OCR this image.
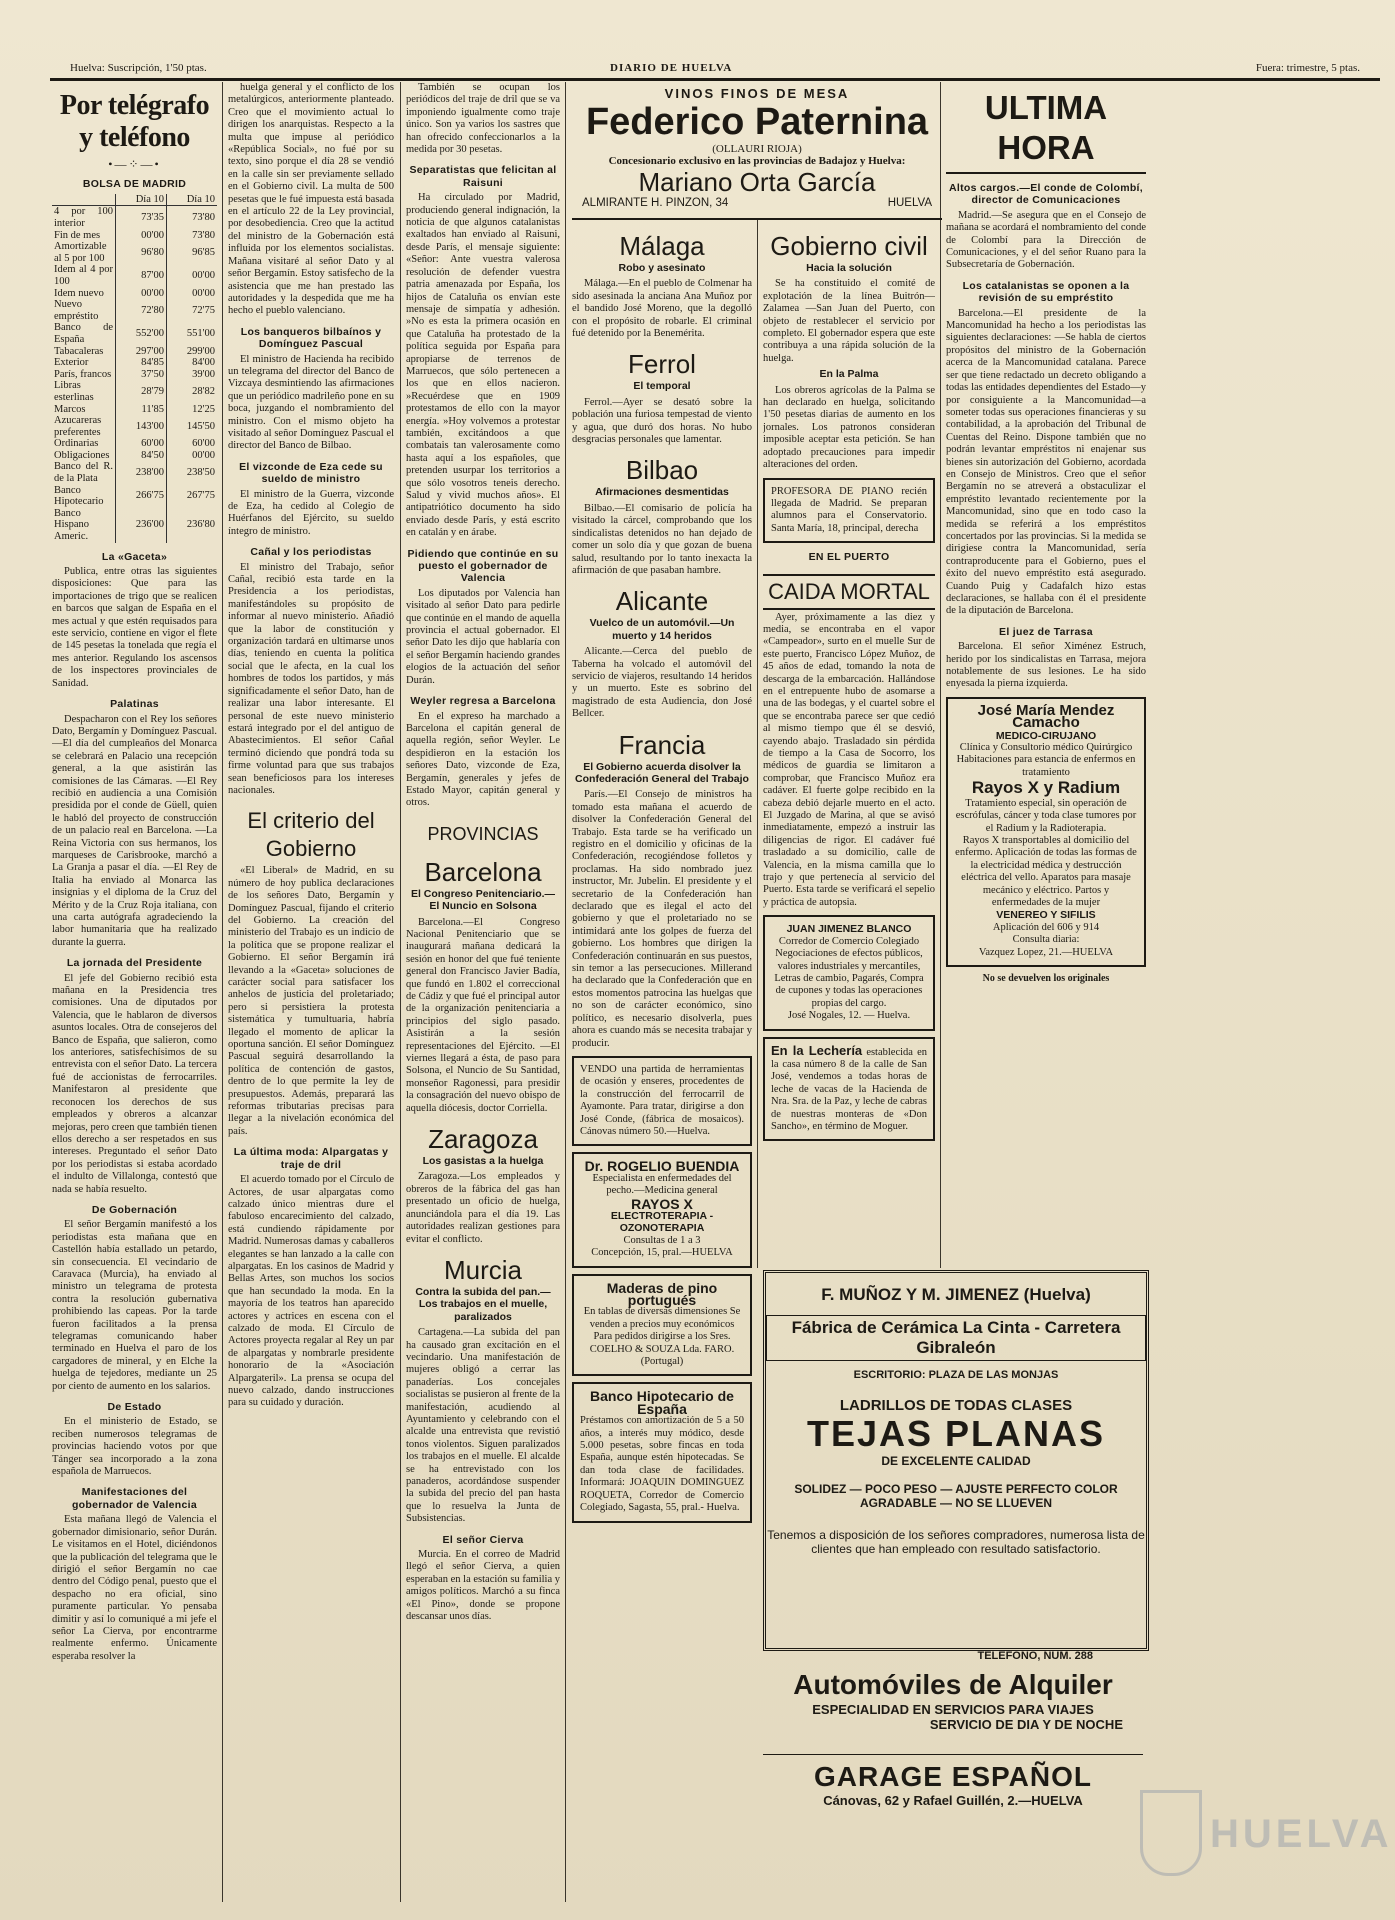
Huelva: Suscripción, 1'50 ptas.	DIARIO DE HUELVA	Fuera: trimestre, 5 ptas.
Por telégrafo y teléfono
•—⁘—•
BOLSA DE MADRID
	Día 10	Día 10
4 por 100 interior	73'35	73'80
Fin de mes	00'00	73'80
Amortizable al 5 por 100	96'80	96'85
Idem al 4 por 100	87'00	00'00
Idem nuevo	00'00	00'00
Nuevo empréstito	72'80	72'75
Banco de España	552'00	551'00
Tabacaleras	297'00	299'00
Exterior	84'85	84'00
París, francos	37'50	39'00
Libras esterlinas	28'79	28'82
Marcos	11'85	12'25
Azucareras preferentes	143'00	145'50
Ordinarias	60'00	60'00
Obligaciones	84'50	00'00
Banco del R. de la Plata	238'00	238'50
Banco Hipotecario	266'75	267'75
Banco Hispano Americ.	236'00	236'80
La «Gaceta»

Publica, entre otras las siguientes disposiciones: Que para las importaciones de trigo que se realicen en barcos que salgan de España en el mes actual y que estén requisados para este servicio, contiene en vigor el flete de 145 pesetas la tonelada que regía el mes anterior. Regulando los ascensos de los inspectores provinciales de Sanidad.

Palatinas

Despacharon con el Rey los señores Dato, Bergamín y Domínguez Pascual. —El día del cumpleaños del Monarca se celebrará en Palacio una recepción general, a la que asistirán las comisiones de las Cámaras. —El Rey recibió en audiencia a una Comisión presidida por el conde de Güell, quien le habló del proyecto de construcción de un palacio real en Barcelona. —La Reina Victoria con sus hermanos, los marqueses de Carisbrooke, marchó a La Granja a pasar el día. —El Rey de Italia ha enviado al Monarca las insignias y el diploma de la Cruz del Mérito y de la Cruz Roja italiana, con una carta autógrafa agradeciendo la labor humanitaria que ha realizado durante la guerra.

La jornada del Presidente

El jefe del Gobierno recibió esta mañana en la Presidencia tres comisiones. Una de diputados por Valencia, que le hablaron de diversos asuntos locales. Otra de consejeros del Banco de España, que salieron, como los anteriores, satisfechísimos de su entrevista con el señor Dato. La tercera fué de accionistas de ferrocarriles. Manifestaron al presidente que reconocen los derechos de sus empleados y obreros a alcanzar mejoras, pero creen que también tienen ellos derecho a ser respetados en sus intereses. Preguntado el señor Dato por los periodistas si estaba acordado el indulto de Villalonga, contestó que nada se había resuelto.

De Gobernación

El señor Bergamín manifestó a los periodistas esta mañana que en Castellón había estallado un petardo, sin consecuencia. El vecindario de Caravaca (Murcia), ha enviado al ministro un telegrama de protesta contra la resolución gubernativa prohibiendo las capeas. Por la tarde fueron facilitados a la prensa telegramas comunicando haber terminado en Huelva el paro de los cargadores de mineral, y en Elche la huelga de tejedores, mediante un 25 por ciento de aumento en los salarios.

De Estado

En el ministerio de Estado, se reciben numerosos telegramas de provincias haciendo votos por que Tánger sea incorporado a la zona española de Marruecos.

Manifestaciones del gobernador de Valencia

Esta mañana llegó de Valencia el gobernador dimisionario, señor Durán. Le visitamos en el Hotel, diciéndonos que la publicación del telegrama que le dirigió el señor Bergamín no cae dentro del Código penal, puesto que el despacho no era oficial, sino puramente particular. Yo pensaba dimitir y así lo comuniqué a mi jefe el señor La Cierva, por encontrarme realmente enfermo. Únicamente esperaba resolver la

huelga general y el conflicto de los metalúrgicos, anteriormente planteado. Creo que el movimiento actual lo dirigen los anarquistas. Respecto a la multa que impuse al periódico «República Social», no fué por su texto, sino porque el día 28 se vendió en la calle sin ser previamente sellado en el Gobierno civil. La multa de 500 pesetas que le fué impuesta está basada en el artículo 22 de la Ley provincial, por desobediencia. Creo que la actitud del ministro de la Gobernación está influida por los elementos socialistas. Mañana visitaré al señor Dato y al señor Bergamín. Estoy satisfecho de la asistencia que me han prestado las autoridades y la despedida que me ha hecho el pueblo valenciano.

Los banqueros bilbaínos y Domínguez Pascual

El ministro de Hacienda ha recibido un telegrama del director del Banco de Vizcaya desmintiendo las afirmaciones que un periódico madrileño pone en su boca, juzgando el nombramiento del ministro. Con el mismo objeto ha visitado al señor Domínguez Pascual el director del Banco de Bilbao.

El vizconde de Eza cede su sueldo de ministro

El ministro de la Guerra, vizconde de Eza, ha cedido al Colegio de Huérfanos del Ejército, su sueldo íntegro de ministro.

Cañal y los periodistas

El ministro del Trabajo, señor Cañal, recibió esta tarde en la Presidencia a los periodistas, manifestándoles su propósito de informar al nuevo ministerio. Añadió que la labor de constitución y organización tardará en ultimarse unos días, teniendo en cuenta la política social que le afecta, en la cual los hombres de todos los partidos, y más significadamente el señor Dato, han de realizar una labor interesante. El personal de este nuevo ministerio estará integrado por el del antiguo de Abastecimientos. El señor Cañal terminó diciendo que pondrá toda su firme voluntad para que sus trabajos sean beneficiosos para los intereses nacionales.

El criterio del Gobierno

«El Liberal» de Madrid, en su número de hoy publica declaraciones de los señores Dato, Bergamín y Domínguez Pascual, fijando el criterio del Gobierno. La creación del ministerio del Trabajo es un indicio de la política que se propone realizar el Gobierno. El señor Bergamín irá llevando a la «Gaceta» soluciones de carácter social para satisfacer los anhelos de justicia del proletariado; pero si persistiera la protesta sistemática y tumultuaria, habría llegado el momento de aplicar la oportuna sanción. El señor Domínguez Pascual seguirá desarrollando la política de contención de gastos, dentro de lo que permite la ley de presupuestos. Además, preparará las reformas tributarias precisas para llegar a la nivelación económica del país.

La última moda: Alpargatas y traje de dril

El acuerdo tomado por el Círculo de Actores, de usar alpargatas como calzado único mientras dure el fabuloso encarecimiento del calzado, está cundiendo rápidamente por Madrid. Numerosas damas y caballeros elegantes se han lanzado a la calle con alpargatas. En los casinos de Madrid y Bellas Artes, son muchos los socios que han secundado la moda. En la mayoría de los teatros han aparecido actores y actrices en escena con el calzado de moda. El Círculo de Actores proyecta regalar al Rey un par de alpargatas y nombrarle presidente honorario de la «Asociación Alpargateril». La prensa se ocupa del nuevo calzado, dando instrucciones para su cuidado y duración.

También se ocupan los periódicos del traje de dril que se va imponiendo igualmente como traje único. Son ya varios los sastres que han ofrecido confeccionarlos a la medida por 30 pesetas.

Separatistas que felicitan al Raisuni

Ha circulado por Madrid, produciendo general indignación, la noticia de que algunos catalanistas exaltados han enviado al Raisuni, desde París, el mensaje siguiente: «Señor: Ante vuestra valerosa resolución de defender vuestra patria amenazada por España, los hijos de Cataluña os envían este mensaje de simpatía y adhesión. »No es esta la primera ocasión en que Cataluña ha protestado de la política seguida por España para apropiarse de terrenos de Marruecos, que sólo pertenecen a los que en ellos nacieron. »Recuérdese que en 1909 protestamos de ello con la mayor energía. »Hoy volvemos a protestar también, excitándoos a que combatais tan valerosamente como hasta aquí a los españoles, que pretenden usurpar los territorios a que sólo vosotros teneis derecho. Salud y vivid muchos años». El antipatriótico documento ha sido enviado desde París, y está escrito en catalán y en árabe.

Pidiendo que continúe en su puesto el gobernador de Valencia

Los diputados por Valencia han visitado al señor Dato para pedirle que continúe en el mando de aquella provincia el actual gobernador. El señor Dato les dijo que hablaría con el señor Bergamín haciendo grandes elogios de la actuación del señor Durán.

Weyler regresa a Barcelona

En el expreso ha marchado a Barcelona el capitán general de aquella región, señor Weyler. Le despidieron en la estación los señores Dato, vizconde de Eza, Bergamín, generales y jefes de Estado Mayor, capitán general y otros.

PROVINCIAS
Barcelona
El Congreso Penitenciario.—El Nuncio en Solsona

Barcelona.—El Congreso Nacional Penitenciario que se inaugurará mañana dedicará la sesión en honor del que fué teniente general don Francisco Javier Badía, que fundó en 1.802 el correccional de Cádiz y que fué el principal autor de la organización penitenciaria a principios del siglo pasado. Asistirán a la sesión representaciones del Ejército. —El viernes llegará a ésta, de paso para Solsona, el Nuncio de Su Santidad, monseñor Ragonessi, para presidir la consagración del nuevo obispo de aquella diócesis, doctor Corriella.

Zaragoza
Los gasistas a la huelga

Zaragoza.—Los empleados y obreros de la fábrica del gas han presentado un oficio de huelga, anunciándola para el día 19. Las autoridades realizan gestiones para evitar el conflicto.

Murcia
Contra la subida del pan.—Los trabajos en el muelle, paralizados

Cartagena.—La subida del pan ha causado gran excitación en el vecindario. Una manifestación de mujeres obligó a cerrar las panaderías. Los concejales socialistas se pusieron al frente de la manifestación, acudiendo al Ayuntamiento y celebrando con el alcalde una entrevista que revistió tonos violentos. Siguen paralizados los trabajos en el muelle. El alcalde se ha entrevistado con los panaderos, acordándose suspender la subida del precio del pan hasta que lo resuelva la Junta de Subsistencias.

El señor Cierva

Murcia. En el correo de Madrid llegó el señor Cierva, a quien esperaban en la estación su familia y amigos políticos. Marchó a su finca «El Pino», donde se propone descansar unos días.

VINOS FINOS DE MESA
Federico Paternina
(OLLAURI RIOJA)
Concesionario exclusivo en las provincias de Badajoz y Huelva:
Mariano Orta García
ALMIRANTE H. PINZON, 34	HUELVA
Málaga
Robo y asesinato

Málaga.—En el pueblo de Colmenar ha sido asesinada la anciana Ana Muñoz por el bandido José Moreno, que la degolló con el propósito de robarle. El criminal fué detenido por la Benemérita.

Ferrol
El temporal

Ferrol.—Ayer se desató sobre la población una furiosa tempestad de viento y agua, que duró dos horas. No hubo desgracias personales que lamentar.

Bilbao
Afirmaciones desmentidas

Bilbao.—El comisario de policía ha visitado la cárcel, comprobando que los sindicalistas detenidos no han dejado de comer un solo día y que gozan de buena salud, resultando por lo tanto inexacta la afirmación de que pasaban hambre.

Alicante
Vuelco de un automóvil.—Un muerto y 14 heridos

Alicante.—Cerca del pueblo de Taberna ha volcado el automóvil del servicio de viajeros, resultando 14 heridos y un muerto. Este es sobrino del magistrado de esta Audiencia, don José Bellcer.

Francia
El Gobierno acuerda disolver la Confederación General del Trabajo

París.—El Consejo de ministros ha tomado esta mañana el acuerdo de disolver la Confederación General del Trabajo. Esta tarde se ha verificado un registro en el domicilio y oficinas de la Confederación, recogiéndose folletos y proclamas. Ha sido nombrado juez instructor, Mr. Jubelin. El presidente y el secretario de la Confederación han declarado que es ilegal el acto del gobierno y que el proletariado no se intimidará ante los golpes de fuerza del gobierno. Los hombres que dirigen la Confederación continuarán en sus puestos, sin temor a las persecuciones. Millerand ha declarado que la Confederación que en estos momentos patrocina las huelgas que no son de carácter económico, sino político, es necesario disolverla, pues ahora es cuando más se necesita trabajar y producir.

VENDO una partida de herramientas de ocasión y enseres, procedentes de la construcción del ferrocarril de Ayamonte. Para tratar, dirigirse a don José Conde, (fábrica de mosaicos). Cánovas número 50.—Huelva.
Dr. ROGELIO BUENDIA
Especialista en enfermedades del pecho.—Medicina general
RAYOS X
ELECTROTERAPIA - OZONOTERAPIA
Consultas de 1 a 3
Concepción, 15, pral.—HUELVA
Maderas de pino portugués
En tablas de diversas dimensiones Se venden a precios muy económicos Para pedidos dirigirse a los Sres. COELHO & SOUZA Lda. FARO. (Portugal)
Banco Hipotecario de España
Préstamos con amortización de 5 a 50 años, a interés muy módico, desde 5.000 pesetas, sobre fincas en toda España, aunque estén hipotecadas. Se dan toda clase de facilidades. Informará: JOAQUIN DOMINGUEZ ROQUETA, Corredor de Comercio Colegiado, Sagasta, 55, pral.- Huelva.
Gobierno civil
Hacia la solución

Se ha constituido el comité de explotación de la línea Buitrón—Zalamea —San Juan del Puerto, con objeto de restablecer el servicio por completo. El gobernador espera que este contribuya a una rápida solución de la huelga.

En la Palma

Los obreros agrícolas de la Palma se han declarado en huelga, solicitando 1'50 pesetas diarias de aumento en los jornales. Los patronos consideran imposible aceptar esta petición. Se han adoptado precauciones para impedir alteraciones del orden.

PROFESORA DE PIANO recién llegada de Madrid. Se preparan alumnos para el Conservatorio. Santa María, 18, principal, derecha
EN EL PUERTO
CAIDA MORTAL

Ayer, próximamente a las diez y media, se encontraba en el vapor «Campeador», surto en el muelle Sur de este puerto, Francisco López Muñoz, de 45 años de edad, tomando la nota de descarga de la embarcación. Hallándose en el entrepuente hubo de asomarse a una de las bodegas, y el cuartel sobre el que se encontraba parece ser que cedió al mismo tiempo que él se desvió, cayendo abajo. Trasladado sin pérdida de tiempo a la Casa de Socorro, los médicos de guardia se limitaron a comprobar, que Francisco Muñoz era cadáver. El fuerte golpe recibido en la cabeza debió dejarle muerto en el acto. El Juzgado de Marina, al que se avisó inmediatamente, empezó a instruir las diligencias de rigor. El cadáver fué trasladado a su domicilio, calle de Valencia, en la misma camilla que lo trajo y que pertenecía al servicio del Puerto. Esta tarde se verificará el sepelio y práctica de autopsia.

JUAN JIMENEZ BLANCO
Corredor de Comercio Colegiado
Negociaciones de efectos públicos, valores industriales y mercantiles, Letras de cambio, Pagarés, Compra de cupones y todas las operaciones propias del cargo.
José Nogales, 12. — Huelva.
En la Lechería establecida en la casa número 8 de la calle de San José, vendemos a todas horas de leche de vacas de la Hacienda de Nra. Sra. de la Paz, y leche de cabras de nuestras monteras de «Don Sancho», en término de Moguer.
ULTIMA HORA
Altos cargos.—El conde de Colombí, director de Comunicaciones

Madrid.—Se asegura que en el Consejo de mañana se acordará el nombramiento del conde de Colombí para la Dirección de Comunicaciones, y el del señor Ruano para la Subsecretaría de Gobernación.

Los catalanistas se oponen a la revisión de su empréstito

Barcelona.—El presidente de la Mancomunidad ha hecho a los periodistas las siguientes declaraciones: —Se habla de ciertos propósitos del ministro de la Gobernación acerca de la Mancomunidad catalana. Parece ser que tiene redactado un decreto obligando a todas las entidades dependientes del Estado—y por consiguiente a la Mancomunidad—a someter todas sus operaciones financieras y su contabilidad, a la aprobación del Tribunal de Cuentas del Reino. Dispone también que no podrán levantar empréstitos ni enajenar sus bienes sin autorización del Gobierno, acordada en Consejo de Ministros. Creo que el señor Bergamín no se atreverá a obstaculizar el empréstito levantado recientemente por la Mancomunidad, sino que en todo caso la medida se referirá a los empréstitos concertados por las provincias. Si la medida se dirigiese contra la Mancomunidad, sería contraproducente para el Gobierno, pues el éxito del nuevo empréstito está asegurado. Cuando Puig y Cadafalch hizo estas declaraciones, se hallaba con él el presidente de la diputación de Barcelona.

El juez de Tarrasa

Barcelona. El señor Ximénez Estruch, herido por los sindicalistas en Tarrasa, mejora notablemente de sus lesiones. Le ha sido enyesada la pierna izquierda.

José María Mendez Camacho
MEDICO-CIRUJANO
Clínica y Consultorio médico Quirúrgico Habitaciones para estancia de enfermos en tratamiento
Rayos X y Radium
Tratamiento especial, sin operación de escrófulas, cáncer y toda clase tumores por el Radium y la Radioterapia.
Rayos X transportables al domicilio del enfermo. Aplicación de todas las formas de la electricidad médica y destrucción eléctrica del vello. Aparatos para masaje mecánico y eléctrico. Partos y enfermedades de la mujer
VENEREO Y SIFILIS
Aplicación del 606 y 914
Consulta diaria:
Vazquez Lopez, 21.—HUELVA
No se devuelven los originales
F. MUÑOZ Y M. JIMENEZ (Huelva)
Fábrica de Cerámica La Cinta - Carretera Gibraleón
ESCRITORIO: PLAZA DE LAS MONJAS
LADRILLOS DE TODAS CLASES
TEJAS PLANAS
DE EXCELENTE CALIDAD
SOLIDEZ — POCO PESO — AJUSTE PERFECTO COLOR AGRADABLE — NO SE LLUEVEN
Tenemos a disposición de los señores compradores, numerosa lista de clientes que han empleado con resultado satisfactorio.
TELEFONO, NUM. 288
Automóviles de Alquiler
ESPECIALIDAD EN SERVICIOS PARA VIAJES
SERVICIO DE DIA Y DE NOCHE
GARAGE ESPAÑOL
Cánovas, 62 y Rafael Guillén, 2.—HUELVA
HUELVA
